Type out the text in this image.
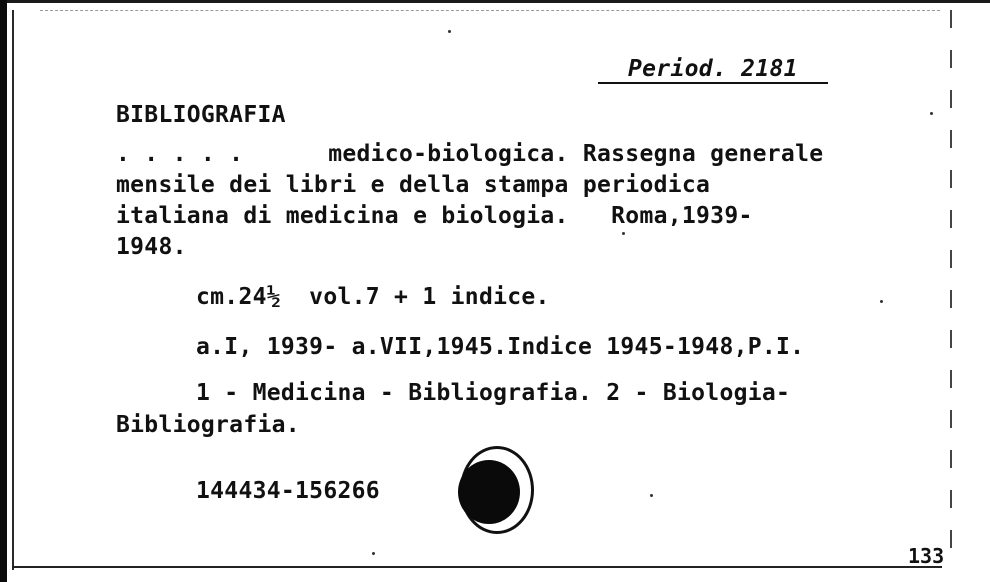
Period. 2181
BIBLIOGRAFIA
. . . . .      medico-biologica. Rassegna generale
mensile dei libri e della stampa periodica
italiana di medicina e biologia.   Roma,1939-
1948.
cm.24½  vol.7 + 1 indice.
a.I, 1939- a.VII,1945.Indice 1945-1948,P.I.
1 - Medicina - Bibliografia. 2 - Biologia-
Bibliografia.
144434-156266
133
